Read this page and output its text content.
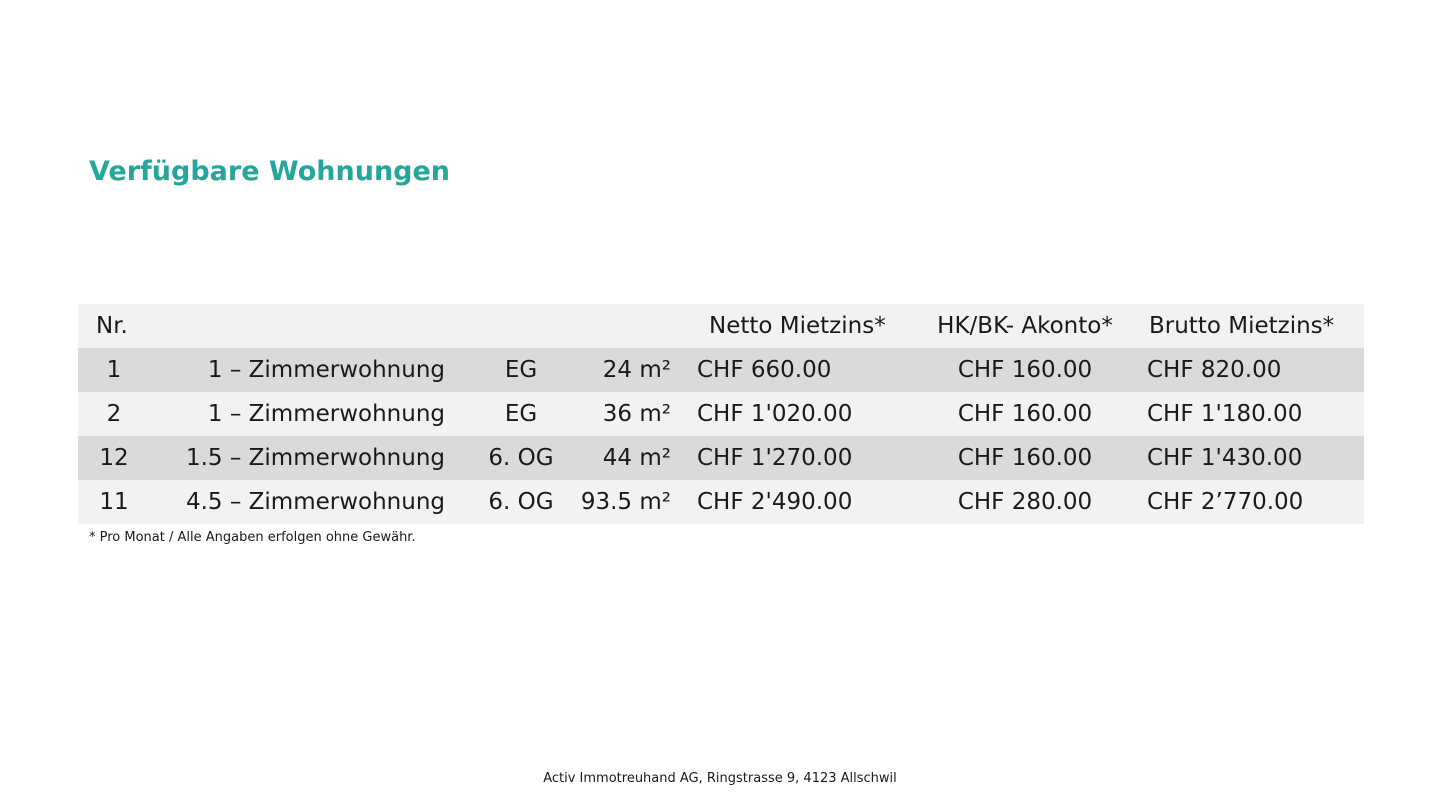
Verfügbare Wohnungen
Nr.				Netto Mietzins*	HK/BK- Akonto*	Brutto Mietzins*
1	1 – Zimmerwohnung	EG	24 m²	CHF 660.00	CHF 160.00	CHF 820.00
2	1 – Zimmerwohnung	EG	36 m²	CHF 1'020.00	CHF 160.00	CHF 1'180.00
12	1.5 – Zimmerwohnung	6. OG	44 m²	CHF 1'270.00	CHF 160.00	CHF 1'430.00
11	4.5 – Zimmerwohnung	6. OG	93.5 m²	CHF 2'490.00	CHF 280.00	CHF 2’770.00

* Pro Monat / Alle Angaben erfolgen ohne Gewähr.

Activ Immotreuhand AG, Ringstrasse 9, 4123 Allschwil
